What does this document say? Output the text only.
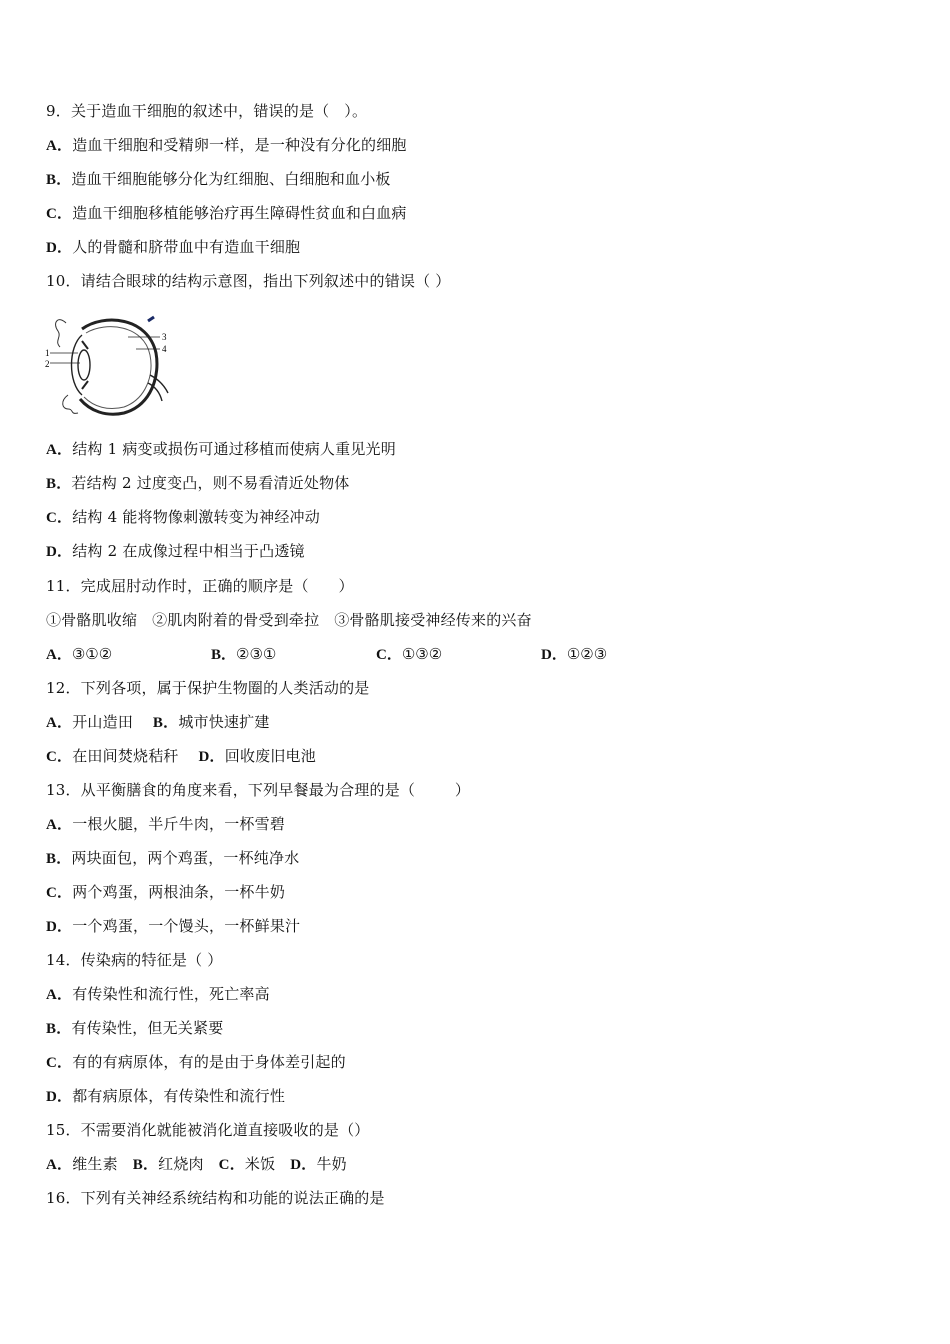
9．关于造血干细胞的叙述中，错误的是（   ）。
A．造血干细胞和受精卵一样，是一种没有分化的细胞
B．造血干细胞能够分化为红细胞、白细胞和血小板
C．造血干细胞移植能够治疗再生障碍性贫血和白血病
D．人的骨髓和脐带血中有造血干细胞
10．请结合眼球的结构示意图，指出下列叙述中的错误（ ）
1
2
3
4
A．结构 1 病变或损伤可通过移植而使病人重见光明
B．若结构 2 过度变凸，则不易看清近处物体
C．结构 4 能将物像刺激转变为神经冲动
D．结构 2 在成像过程中相当于凸透镜
11．完成屈肘动作时，正确的顺序是（      ）
①骨骼肌收缩   ②肌肉附着的骨受到牵拉   ③骨骼肌接受神经传来的兴奋

A．③①②

	B．②③①

	C．①③②

	D．①②③

12．下列各项，属于保护生物圈的人类活动的是
A．开山造田    B．城市快速扩建
C．在田间焚烧秸秆    D．回收废旧电池
13．从平衡膳食的角度来看，下列早餐最为合理的是（        ）
A．一根火腿，半斤牛肉，一杯雪碧
B．两块面包，两个鸡蛋，一杯纯净水
C．两个鸡蛋，两根油条，一杯牛奶
D．一个鸡蛋，一个馒头，一杯鲜果汁
14．传染病的特征是（ ）
A．有传染性和流行性，死亡率高
B．有传染性，但无关紧要
C．有的有病原体，有的是由于身体差引起的
D．都有病原体，有传染性和流行性
15．不需要消化就能被消化道直接吸收的是（）
A．维生素   B．红烧肉   C．米饭   D．牛奶
16．下列有关神经系统结构和功能的说法正确的是
